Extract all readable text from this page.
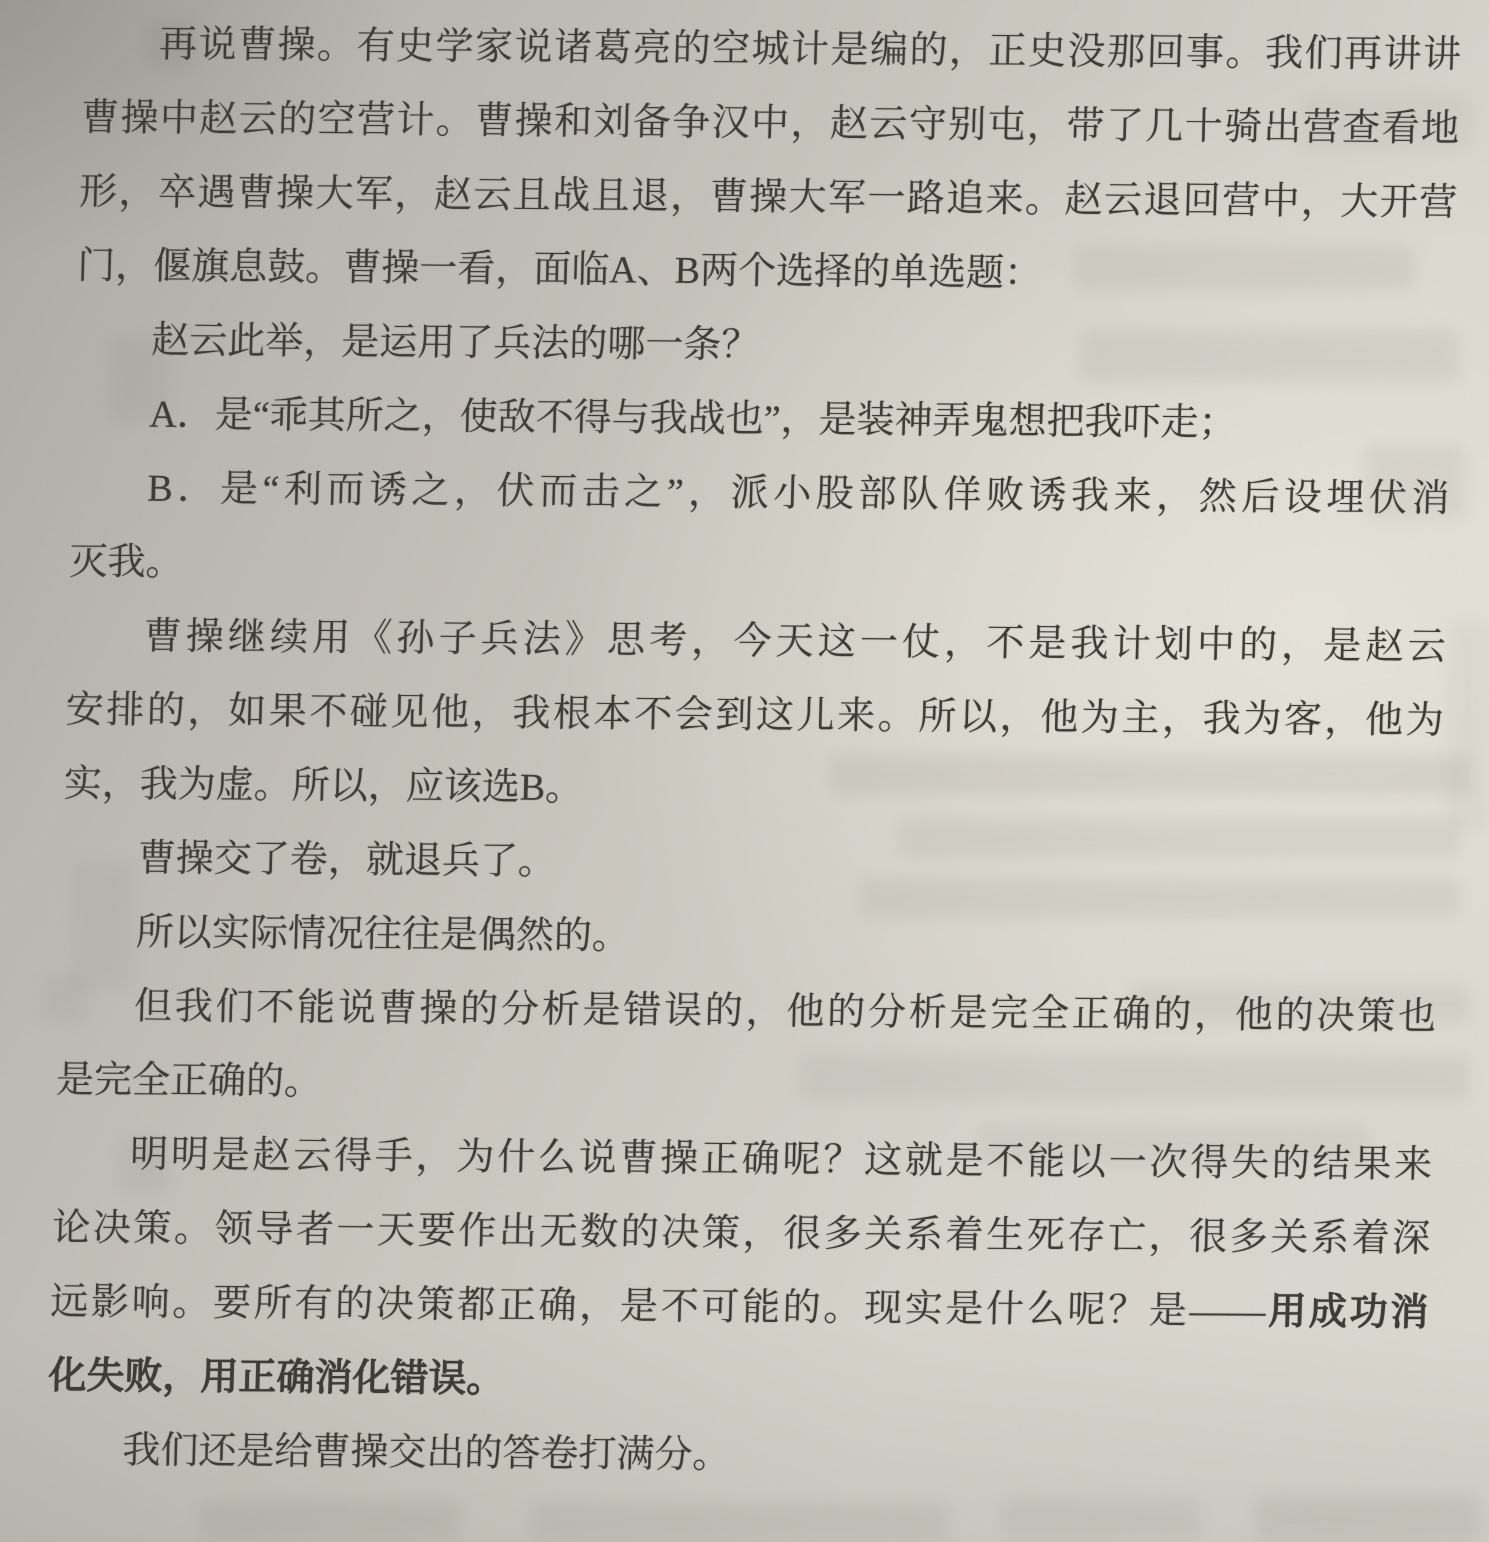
再说曹操。有史学家说诸葛亮的空城计是编的，正史没那回事。我们再讲讲
曹操中赵云的空营计。曹操和刘备争汉中，赵云守别屯，带了几十骑出营查看地
形，卒遇曹操大军，赵云且战且退，曹操大军一路追来。赵云退回营中，大开营
门，偃旗息鼓。曹操一看，面临A、B两个选择的单选题：
赵云此举，是运用了兵法的哪一条？
A．是“乖其所之，使敌不得与我战也”，是装神弄鬼想把我吓走；
B．是“利而诱之，伏而击之”，派小股部队佯败诱我来，然后设埋伏消
灭我。
曹操继续用《孙子兵法》思考，今天这一仗，不是我计划中的，是赵云
安排的，如果不碰见他，我根本不会到这儿来。所以，他为主，我为客，他为
实，我为虚。所以，应该选B。
曹操交了卷，就退兵了。
所以实际情况往往是偶然的。
但我们不能说曹操的分析是错误的，他的分析是完全正确的，他的决策也
是完全正确的。
明明是赵云得手，为什么说曹操正确呢？这就是不能以一次得失的结果来
论决策。领导者一天要作出无数的决策，很多关系着生死存亡，很多关系着深
远影响。要所有的决策都正确，是不可能的。现实是什么呢？是——用成功消
化失败，用正确消化错误。
我们还是给曹操交出的答卷打满分。
